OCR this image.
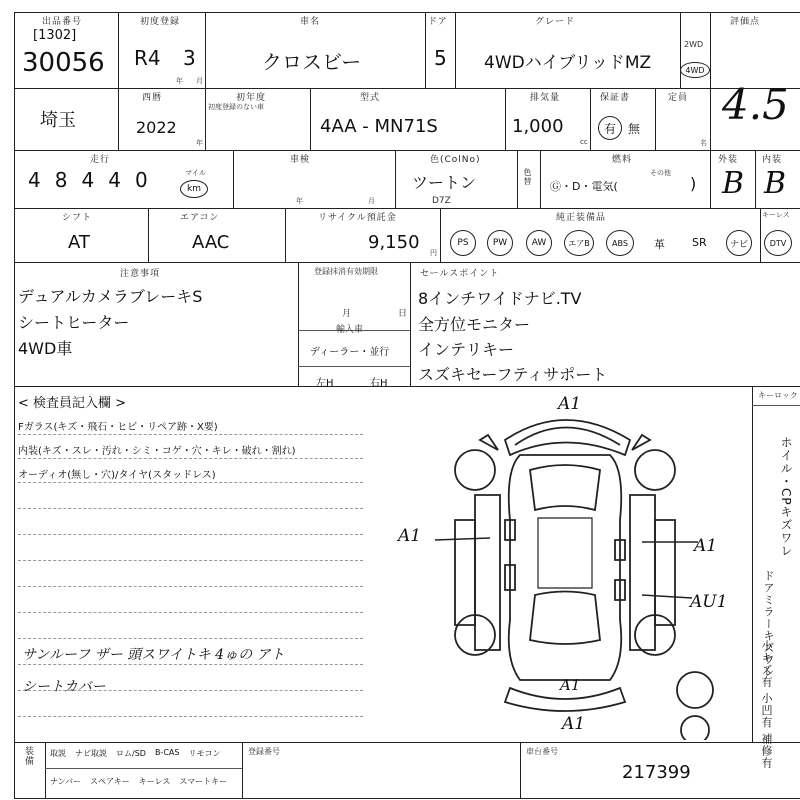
出品番号
[1302]
30056
初度登録
R4 3
年 月
車名
クロスビー
ドア
5
グレード
4WDハイブリッドMZ
2WD
4WD
評価点
4.5
埼玉
西暦
2022
年
初年度
初度登録のない車
型式
4AA - MN71S
排気量
1,000
cc
保証書
有 無
定員
名
走行
4 8 4 4 0	マイル
km
車検
年	月
色(ColNo)
ツートン
D7Z
色替
燃料
Ⓖ・D・電気(
その他
)
外装
B
内装
B
シフト
AT
エアコン
AAC
リサイクル預託金
9,150 円
純正装備品
PS	PW	AW	エアB	ABS 革 SR	ナビ	DTV
キーレス
注意事項
デュアルカメラブレーキS
シートヒーター
4WD車
登録抹消有効期限
月	日
輸入車
ディーラー・並行
左H	右H
セールスポイント
8インチワイドナビ.TV
全方位モニター
インテリキー
スズキセーフティサポート
< 検査員記入欄 >
Fガラス(キズ・飛石・ヒビ・リペア跡・X要)
内装(キズ・スレ・汚れ・シミ・コゲ・穴・キレ・破れ・割れ)
オーディオ(無し・穴)/タイヤ(スタッドレス)
サンルーフ ザー 頭スワイトキ 4ゅの アト
シートカバー
キーロック
ホイル・CPキズワレ
ドアミラーキズワレ
小キズ有 小凹有 補修有
A1
A1	A1
AU1
A1
A1
装備 取説 ナビ取説 ロム/SD B-CAS リモコン
ナンバー スペアキー キーレス スマートキー
登録番号	車台番号
217399
